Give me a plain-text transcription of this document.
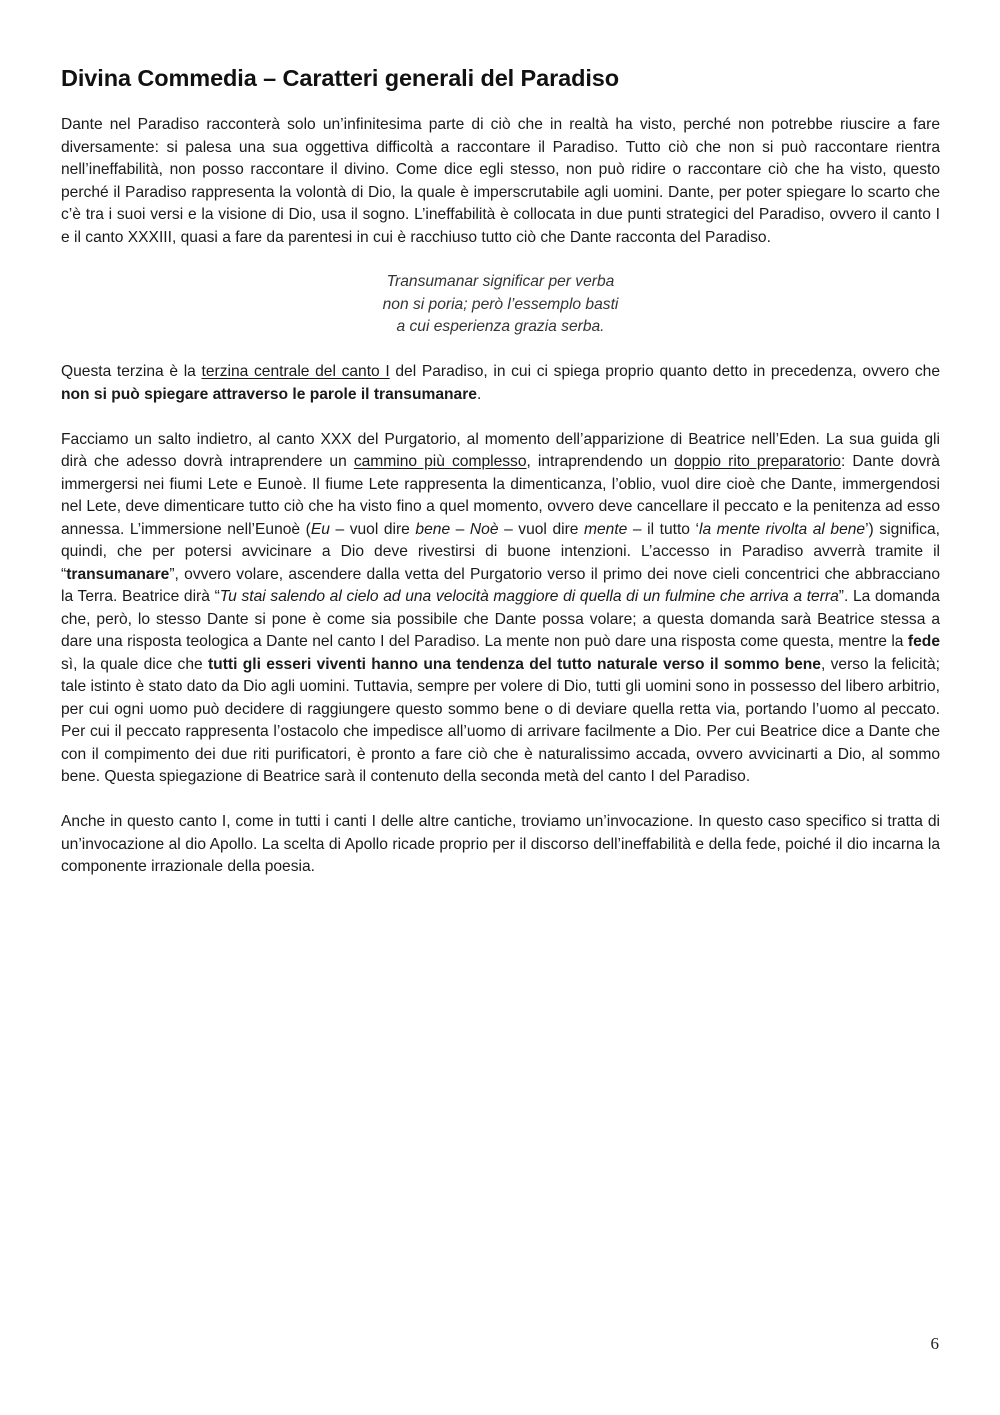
Divina Commedia – Caratteri generali del Paradiso

Dante nel Paradiso racconterà solo un’infinitesima parte di ciò che in realtà ha visto, perché non potrebbe riuscire a fare diversamente: si palesa una sua oggettiva difficoltà a raccontare il Paradiso. Tutto ciò che non si può raccontare rientra nell’ineffabilità, non posso raccontare il divino. Come dice egli stesso, non può ridire o raccontare ciò che ha visto, questo perché il Paradiso rappresenta la volontà di Dio, la quale è imperscrutabile agli uomini. Dante, per poter spiegare lo scarto che c’è tra i suoi versi e la visione di Dio, usa il sogno. L’ineffabilità è collocata in due punti strategici del Paradiso, ovvero il canto I e il canto XXXIII, quasi a fare da parentesi in cui è racchiuso tutto ciò che Dante racconta del Paradiso.

Transumanar significar per verba
non si poria; però l’essemplo basti
a cui esperienza grazia serba.

Questa terzina è la terzina centrale del canto I del Paradiso, in cui ci spiega proprio quanto detto in precedenza, ovvero che non si può spiegare attraverso le parole il transumanare.

Facciamo un salto indietro, al canto XXX del Purgatorio, al momento dell’apparizione di Beatrice nell’Eden. La sua guida gli dirà che adesso dovrà intraprendere un cammino più complesso, intraprendendo un doppio rito preparatorio: Dante dovrà immergersi nei fiumi Lete e Eunoè. Il fiume Lete rappresenta la dimenticanza, l’oblio, vuol dire cioè che Dante, immergendosi nel Lete, deve dimenticare tutto ciò che ha visto fino a quel momento, ovvero deve cancellare il peccato e la penitenza ad esso annessa. L’immersione nell’Eunoè (Eu – vuol dire bene – Noè – vuol dire mente – il tutto ‘la mente rivolta al bene’) significa, quindi, che per potersi avvicinare a Dio deve rivestirsi di buone intenzioni. L’accesso in Paradiso avverrà tramite il “transumanare”, ovvero volare, ascendere dalla vetta del Purgatorio verso il primo dei nove cieli concentrici che abbracciano la Terra. Beatrice dirà “Tu stai salendo al cielo ad una velocità maggiore di quella di un fulmine che arriva a terra”. La domanda che, però, lo stesso Dante si pone è come sia possibile che Dante possa volare; a questa domanda sarà Beatrice stessa a dare una risposta teologica a Dante nel canto I del Paradiso. La mente non può dare una risposta come questa, mentre la fede sì, la quale dice che tutti gli esseri viventi hanno una tendenza del tutto naturale verso il sommo bene, verso la felicità; tale istinto è stato dato da Dio agli uomini. Tuttavia, sempre per volere di Dio, tutti gli uomini sono in possesso del libero arbitrio, per cui ogni uomo può decidere di raggiungere questo sommo bene o di deviare quella retta via, portando l’uomo al peccato. Per cui il peccato rappresenta l’ostacolo che impedisce all’uomo di arrivare facilmente a Dio. Per cui Beatrice dice a Dante che con il compimento dei due riti purificatori, è pronto a fare ciò che è naturalissimo accada, ovvero avvicinarti a Dio, al sommo bene. Questa spiegazione di Beatrice sarà il contenuto della seconda metà del canto I del Paradiso.

Anche in questo canto I, come in tutti i canti I delle altre cantiche, troviamo un’invocazione. In questo caso specifico si tratta di un’invocazione al dio Apollo. La scelta di Apollo ricade proprio per il discorso dell’ineffabilità e della fede, poiché il dio incarna la componente irrazionale della poesia.

6
